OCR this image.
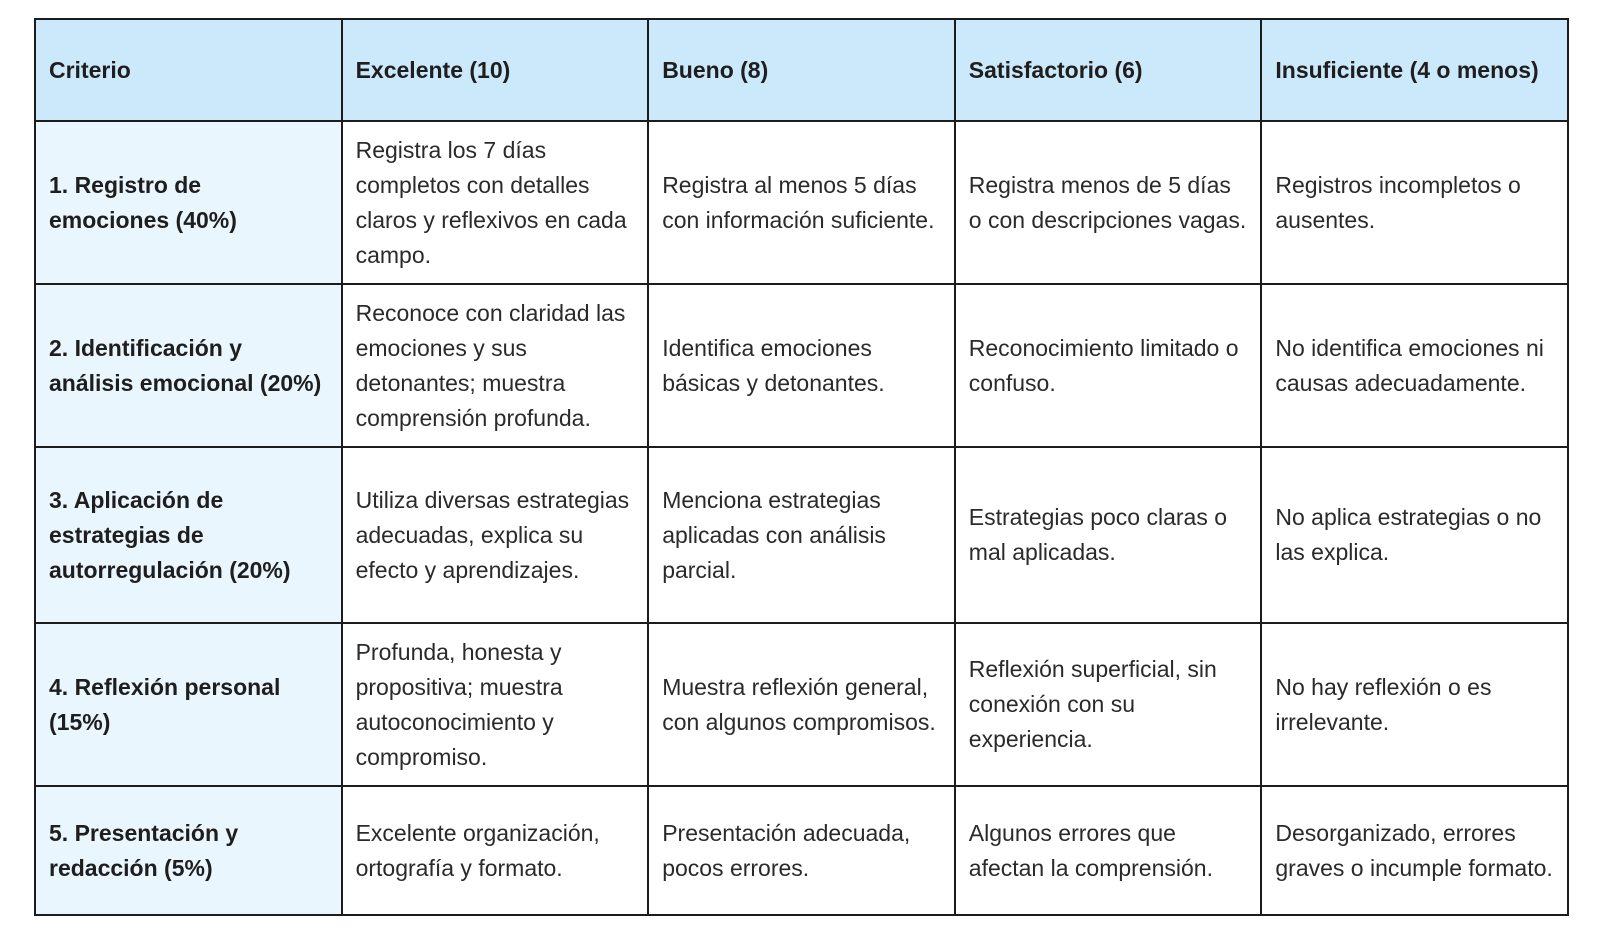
Criterio	Excelente (10)	Bueno (8)	Satisfactorio (6)	Insuficiente (4 o menos)
1. Registro de emociones (40%)	Registra los 7 días completos con detalles claros y reflexivos en cada campo.	Registra al menos 5 días con información suficiente.	Registra menos de 5 días o con descripciones vagas.	Registros incompletos o ausentes.
2. Identificación y análisis emocional (20%)	Reconoce con claridad las emociones y sus detonantes; muestra comprensión profunda.	Identifica emociones básicas y detonantes.	Reconocimiento limitado o confuso.	No identifica emociones ni causas adecuadamente.
3. Aplicación de estrategias de autorregulación (20%)	Utiliza diversas estrategias adecuadas, explica su efecto y aprendizajes.	Menciona estrategias aplicadas con análisis parcial.	Estrategias poco claras o mal aplicadas.	No aplica estrategias o no las explica.
4. Reflexión personal (15%)	Profunda, honesta y propositiva; muestra autoconocimiento y compromiso.	Muestra reflexión general, con algunos compromisos.	Reflexión superficial, sin conexión con su experiencia.	No hay reflexión o es irrelevante.
5. Presentación y redacción (5%)	Excelente organización, ortografía y formato.	Presentación adecuada, pocos errores.	Algunos errores que afectan la comprensión.	Desorganizado, errores graves o incumple formato.
